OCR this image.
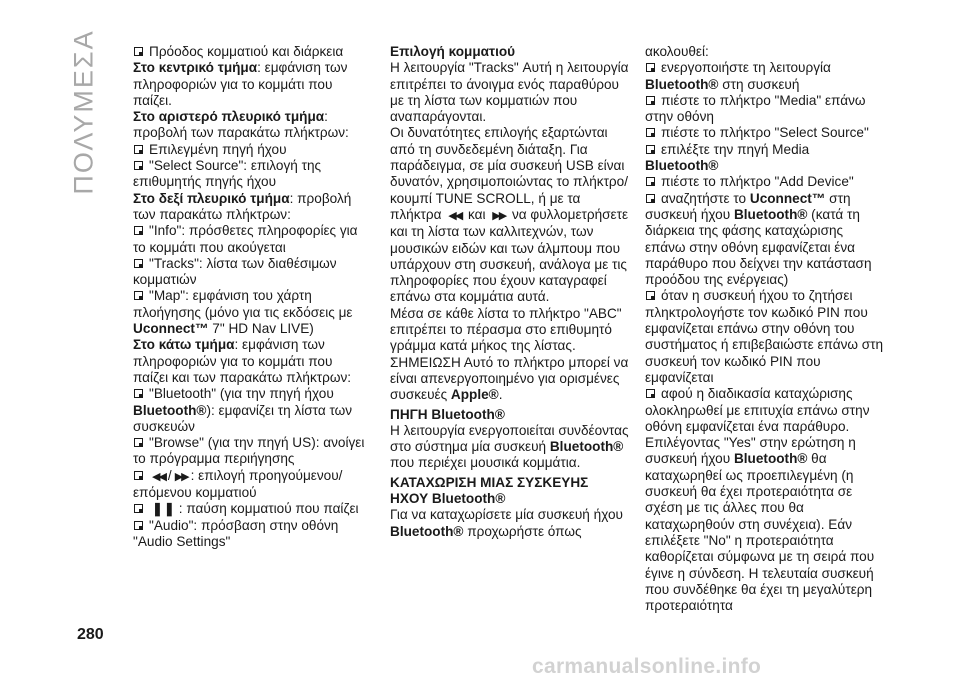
ΠΟΛΥΜΕΣΑ
280

Πρόοδος κομματιού και διάρκεια

Στο κεντρικό τμήμα: εμφάνιση των πληροφοριών για το κομμάτι που παίζει.

Στο αριστερό πλευρικό τμήμα: προβολή των παρακάτω πλήκτρων:

Επιλεγμένη πηγή ήχου

"Select Source": επιλογή της επιθυμητής πηγής ήχου

Στο δεξί πλευρικό τμήμα: προβολή των παρακάτω πλήκτρων:

"Info": πρόσθετες πληροφορίες για το κομμάτι που ακούγεται

"Tracks": λίστα των διαθέσιμων κομματιών

"Map": εμφάνιση του χάρτη πλοήγησης (μόνο για τις εκδόσεις με Uconnect™ 7" HD Nav LIVE)

Στο κάτω τμήμα: εμφάνιση των πληροφοριών για το κομμάτι που παίζει και των παρακάτω πλήκτρων:

"Bluetooth" (για την πηγή ήχου Bluetooth®): εμφανίζει τη λίστα των συσκευών

"Browse" (για την πηγή US): ανοίγει το πρόγραμμα περιήγησης

◀◀ / ▶▶ : επιλογή προηγούμενου/επόμενου κομματιού

❚❚ : παύση κομματιού που παίζει

"Audio": πρόσβαση στην οθόνη "Audio Settings"

Επιλογή κομματιού

Η λειτουργία "Tracks" Αυτή η λειτουργία επιτρέπει το άνοιγμα ενός παραθύρου με τη λίστα των κομματιών που αναπαράγονται.

Οι δυνατότητες επιλογής εξαρτώνται από τη συνδεδεμένη διάταξη. Για παράδειγμα, σε μία συσκευή USB είναι δυνατόν, χρησιμοποιώντας το πλήκτρο/κουμπί TUNE SCROLL, ή με τα πλήκτρα ◀◀ και ▶▶ να φυλλομετρήσετε και τη λίστα των καλλιτεχνών, των μουσικών ειδών και των άλμπουμ που υπάρχουν στη συσκευή, ανάλογα με τις πληροφορίες που έχουν καταγραφεί επάνω στα κομμάτια αυτά.

Μέσα σε κάθε λίστα το πλήκτρο "ABC" επιτρέπει το πέρασμα στο επιθυμητό γράμμα κατά μήκος της λίστας.

ΣΗΜΕΙΩΣΗ Αυτό το πλήκτρο μπορεί να είναι απενεργοποιημένο για ορισμένες συσκευές Apple®.

ΠΗΓΗ Bluetooth®

Η λειτουργία ενεργοποιείται συνδέοντας στο σύστημα μία συσκευή Bluetooth® που περιέχει μουσικά κομμάτια.

ΚΑΤΑΧΩΡΙΣΗ ΜΙΑΣ ΣΥΣΚΕΥΗΣ ΗΧΟΥ Bluetooth®

Για να καταχωρίσετε μία συσκευή ήχου Bluetooth® προχωρήστε όπως

ακολουθεί:

ενεργοποιήστε τη λειτουργία Bluetooth® στη συσκευή

πιέστε το πλήκτρο "Media" επάνω στην οθόνη

πιέστε το πλήκτρο "Select Source"

επιλέξτε την πηγή Media Bluetooth®

πιέστε το πλήκτρο "Add Device"

αναζητήστε το Uconnect™ στη συσκευή ήχου Bluetooth® (κατά τη διάρκεια της φάσης καταχώρισης επάνω στην οθόνη εμφανίζεται ένα παράθυρο που δείχνει την κατάσταση προόδου της ενέργειας)

όταν η συσκευή ήχου το ζητήσει πληκτρολογήστε τον κωδικό PIN που εμφανίζεται επάνω στην οθόνη του συστήματος ή επιβεβαιώστε επάνω στη συσκευή τον κωδικό PIN που εμφανίζεται

αφού η διαδικασία καταχώρισης ολοκληρωθεί με επιτυχία επάνω στην οθόνη εμφανίζεται ένα παράθυρο. Επιλέγοντας "Yes" στην ερώτηση η συσκευή ήχου Bluetooth® θα καταχωρηθεί ως προεπιλεγμένη (η συσκευή θα έχει προτεραιότητα σε σχέση με τις άλλες που θα καταχωρηθούν στη συνέχεια). Εάν επιλέξετε "No" η προτεραιότητα καθορίζεται σύμφωνα με τη σειρά που έγινε η σύνδεση. Η τελευταία συσκευή που συνδέθηκε θα έχει τη μεγαλύτερη προτεραιότητα

carmanualsonline.info
